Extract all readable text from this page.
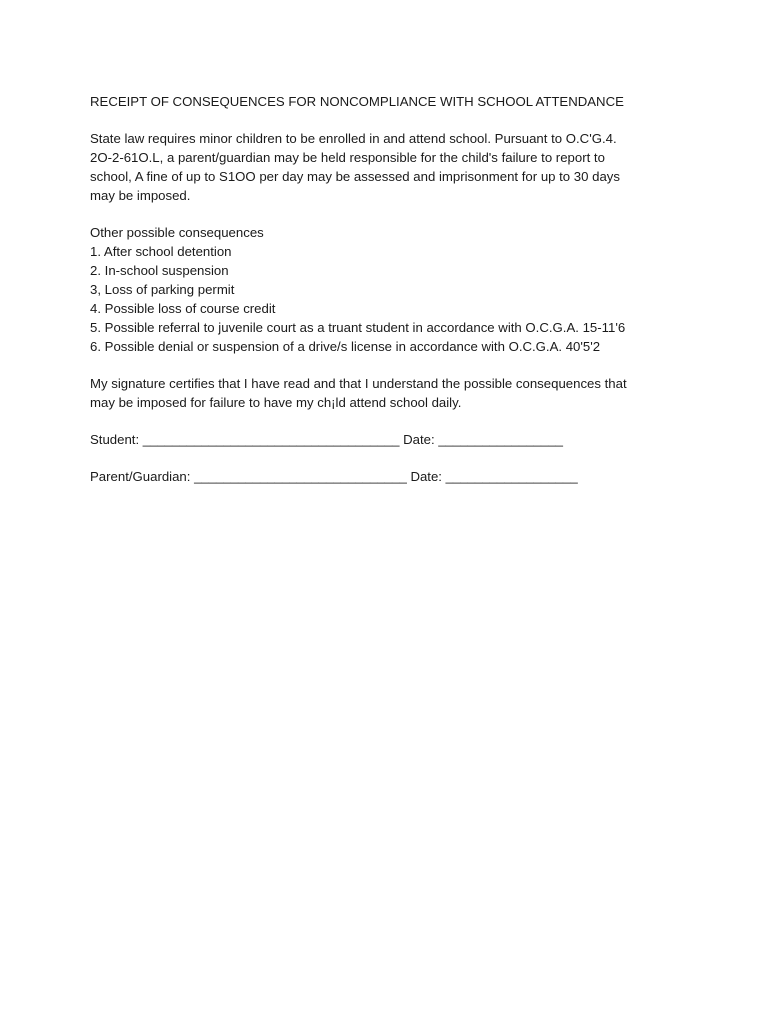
RECEIPT OF CONSEQUENCES FOR NONCOMPLIANCE WITH SCHOOL ATTENDANCE
State law requires minor children to be enrolled in and attend school. Pursuant to O.C'G.4.
2O-2-61O.L, a parent/guardian may be held responsible for the child's failure to report to
school, A fine of up to S1OO per day may be assessed and imprisonment for up to 30 days
may be imposed.
Other possible consequences
1. After school detention
2. In-school suspension
3, Loss of parking permit
4. Possible loss of course credit
5. Possible referral to juvenile court as a truant student in accordance with O.C.G.A. 15-11'6
6. Possible denial or suspension of a drive/s license in accordance with O.C.G.A. 40'5'2
My signature certifies that I have read and that I understand the possible consequences that
may be imposed for failure to have my ch¡ld attend school daily.
Student: ___________________________________ Date: _________________
Parent/Guardian: _____________________________ Date: __________________
